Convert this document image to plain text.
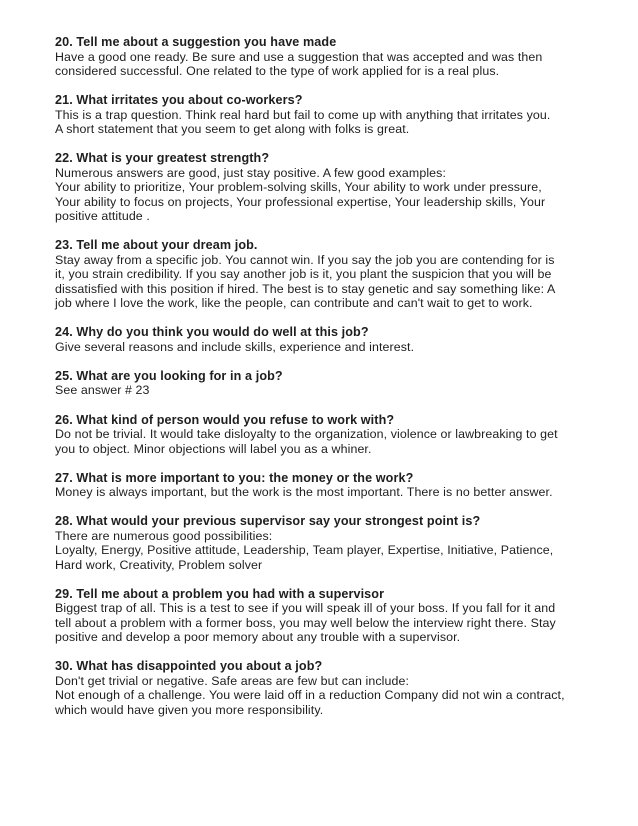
20. Tell me about a suggestion you have made

Have a good one ready. Be sure and use a suggestion that was accepted and was then

considered successful. One related to the type of work applied for is a real plus.

21. What irritates you about co-workers?

This is a trap question. Think real hard but fail to come up with anything that irritates you.

A short statement that you seem to get along with folks is great.

22. What is your greatest strength?

Numerous answers are good, just stay positive. A few good examples:

Your ability to prioritize, Your problem-solving skills, Your ability to work under pressure,

Your ability to focus on projects, Your professional expertise, Your leadership skills, Your

positive attitude .

23. Tell me about your dream job.

Stay away from a specific job. You cannot win. If you say the job you are contending for is

it, you strain credibility. If you say another job is it, you plant the suspicion that you will be

dissatisfied with this position if hired. The best is to stay genetic and say something like: A

job where I love the work, like the people, can contribute and can't wait to get to work.

24. Why do you think you would do well at this job?

Give several reasons and include skills, experience and interest.

25. What are you looking for in a job?

See answer # 23

26. What kind of person would you refuse to work with?

Do not be trivial. It would take disloyalty to the organization, violence or lawbreaking to get

you to object. Minor objections will label you as a whiner.

27. What is more important to you: the money or the work?

Money is always important, but the work is the most important. There is no better answer.

28. What would your previous supervisor say your strongest point is?

There are numerous good possibilities:

Loyalty, Energy, Positive attitude, Leadership, Team player, Expertise, Initiative, Patience,

Hard work, Creativity, Problem solver

29. Tell me about a problem you had with a supervisor

Biggest trap of all. This is a test to see if you will speak ill of your boss. If you fall for it and

tell about a problem with a former boss, you may well below the interview right there. Stay

positive and develop a poor memory about any trouble with a supervisor.

30. What has disappointed you about a job?

Don't get trivial or negative. Safe areas are few but can include:

Not enough of a challenge. You were laid off in a reduction Company did not win a contract,

which would have given you more responsibility.
